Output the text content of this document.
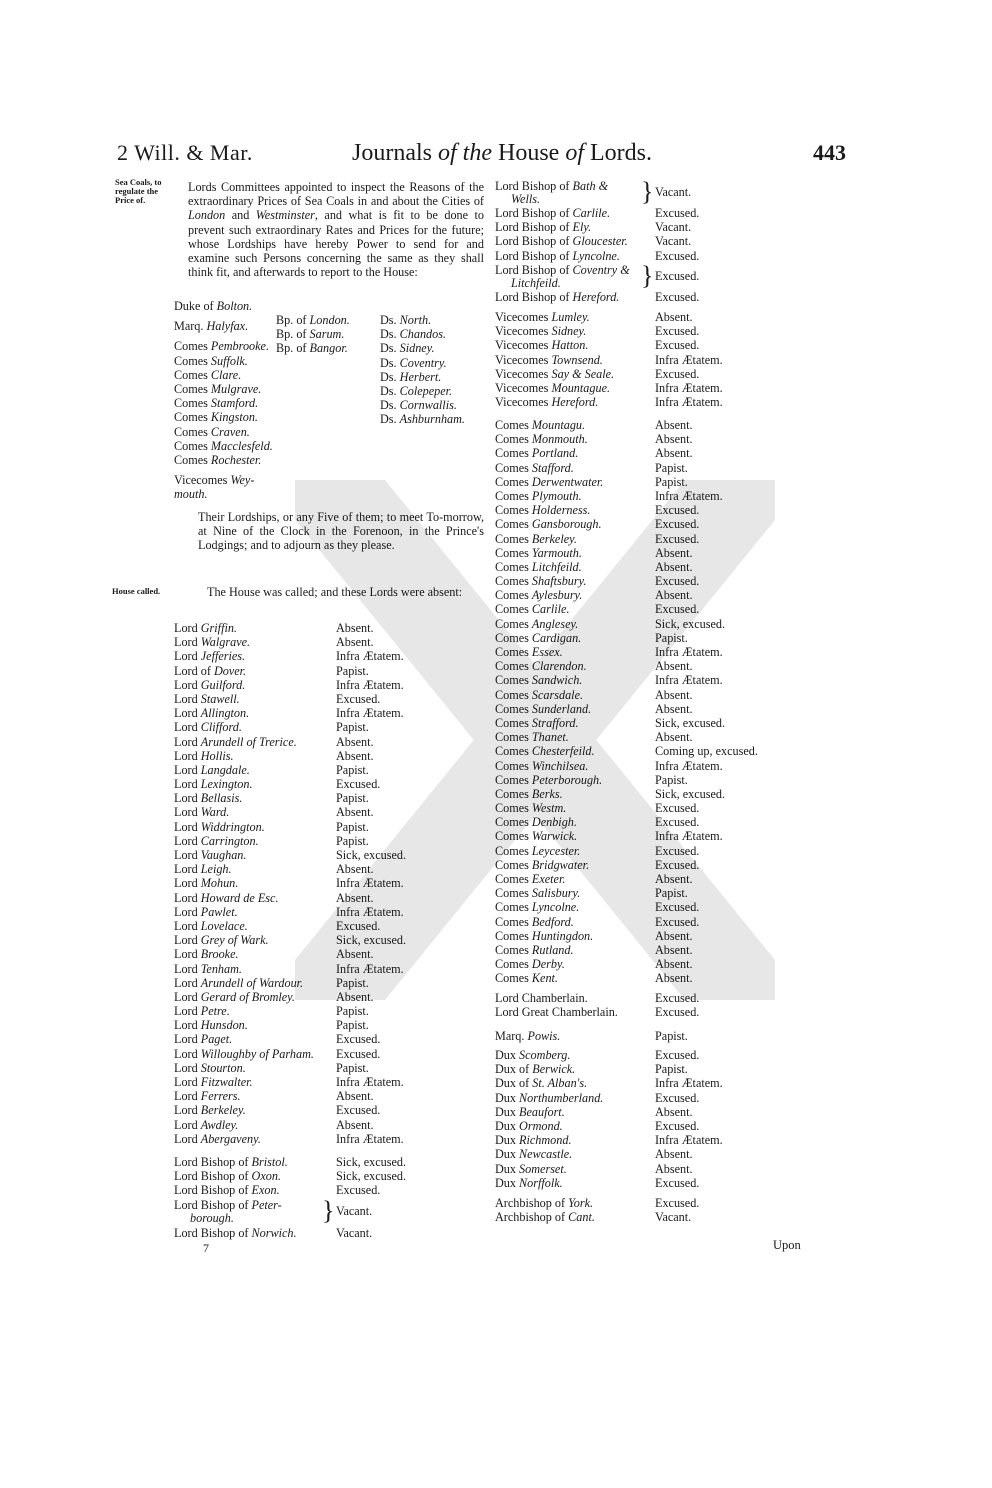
2 Will. & Mar.	Journals of the House of Lords.	443
Sea Coals, to regulate the Price of.
House called.
Lords Committees appointed to inspect the Reasons of the extraordinary Prices of Sea Coals in and about the Cities of London and Westminster, and what is fit to be done to prevent such extraordinary Rates and Prices for the future; whose Lordships have hereby Power to send for and examine such Persons concerning the same as they shall think fit, and afterwards to report to the House:
Duke of Bolton.
Marq. Halyfax.
Comes Pembrooke.
Comes Suffolk.
Comes Clare.
Comes Mulgrave.
Comes Stamford.
Comes Kingston.
Comes Craven.
Comes Macclesfeld.
Comes Rochester.
Vicecomes Wey-
mouth.
Bp. of London.
Bp. of Sarum.
Bp. of Bangor.
Ds. North.
Ds. Chandos.
Ds. Sidney.
Ds. Coventry.
Ds. Herbert.
Ds. Colepeper.
Ds. Cornwallis.
Ds. Ashburnham.
Their Lordships, or any Five of them; to meet To-morrow, at Nine of the Clock in the Forenoon, in the Prince's Lodgings; and to adjourn as they please.
The House was called; and these Lords were absent:
Lord Griffin.	Absent.
Lord Walgrave.	Absent.
Lord Jefferies.	Infra Ætatem.
Lord of Dover.	Papist.
Lord Guilford.	Infra Ætatem.
Lord Stawell.	Excused.
Lord Allington.	Infra Ætatem.
Lord Clifford.	Papist.
Lord Arundell of Trerice.	Absent.
Lord Hollis.	Absent.
Lord Langdale.	Papist.
Lord Lexington.	Excused.
Lord Bellasis.	Papist.
Lord Ward.	Absent.
Lord Widdrington.	Papist.
Lord Carrington.	Papist.
Lord Vaughan.	Sick, excused.
Lord Leigh.	Absent.
Lord Mohun.	Infra Ætatem.
Lord Howard de Esc.	Absent.
Lord Pawlet.	Infra Ætatem.
Lord Lovelace.	Excused.
Lord Grey of Wark.	Sick, excused.
Lord Brooke.	Absent.
Lord Tenham.	Infra Ætatem.
Lord Arundell of Wardour.	Papist.
Lord Gerard of Bromley.	Absent.
Lord Petre.	Papist.
Lord Hunsdon.	Papist.
Lord Paget.	Excused.
Lord Willoughby of Parham. Excused.
Lord Stourton.	Papist.
Lord Fitzwalter.	Infra Ætatem.
Lord Ferrers.	Absent.
Lord Berkeley.	Excused.
Lord Awdley.	Absent.
Lord Abergaveny.	Infra Ætatem.
Lord Bishop of Bristol.	Sick, excused.
Lord Bishop of Oxon.	Sick, excused.
Lord Bishop of Exon.	Excused.
Lord Bishop of Peter-
borough.	} Vacant.
Lord Bishop of Norwich.	Vacant.
7
Lord Bishop of Bath &
Wells.	} Vacant.
Lord Bishop of Carlile.	Excused.
Lord Bishop of Ely.	Vacant.
Lord Bishop of Gloucester. Vacant.
Lord Bishop of Lyncolne.	Excused.
Lord Bishop of Coventry &
Litchfeild.	} Excused.
Lord Bishop of Hereford.	Excused.
Vicecomes Lumley.	Absent.
Vicecomes Sidney.	Excused.
Vicecomes Hatton.	Excused.
Vicecomes Townsend.	Infra Ætatem.
Vicecomes Say & Seale.	Excused.
Vicecomes Mountague.	Infra Ætatem.
Vicecomes Hereford.	Infra Ætatem.
Comes Mountagu.	Absent.
Comes Monmouth.	Absent.
Comes Portland.	Absent.
Comes Stafford.	Papist.
Comes Derwentwater.	Papist.
Comes Plymouth.	Infra Ætatem.
Comes Holderness.	Excused.
Comes Gansborough.	Excused.
Comes Berkeley.	Excused.
Comes Yarmouth.	Absent.
Comes Litchfeild.	Absent.
Comes Shaftsbury.	Excused.
Comes Aylesbury.	Absent.
Comes Carlile.	Excused.
Comes Anglesey.	Sick, excused.
Comes Cardigan.	Papist.
Comes Essex.	Infra Ætatem.
Comes Clarendon.	Absent.
Comes Sandwich.	Infra Ætatem.
Comes Scarsdale.	Absent.
Comes Sunderland.	Absent.
Comes Strafford.	Sick, excused.
Comes Thanet.	Absent.
Comes Chesterfeild.	Coming up, excused.
Comes Winchilsea.	Infra Ætatem.
Comes Peterborough.	Papist.
Comes Berks.	Sick, excused.
Comes Westm.	Excused.
Comes Denbigh.	Excused.
Comes Warwick.	Infra Ætatem.
Comes Leycester.	Excused.
Comes Bridgwater.	Excused.
Comes Exeter.	Absent.
Comes Salisbury.	Papist.
Comes Lyncolne.	Excused.
Comes Bedford.	Excused.
Comes Huntingdon.	Absent.
Comes Rutland.	Absent.
Comes Derby.	Absent.
Comes Kent.	Absent.
Lord Chamberlain.	Excused.
Lord Great Chamberlain.	Excused.
Marq. Powis.	Papist.
Dux Scomberg.	Excused.
Dux of Berwick.	Papist.
Dux of St. Alban's.	Infra Ætatem.
Dux Northumberland.	Excused.
Dux Beaufort.	Absent.
Dux Ormond.	Excused.
Dux Richmond.	Infra Ætatem.
Dux Newcastle.	Absent.
Dux Somerset.	Absent.
Dux Norffolk.	Excused.
Archbishop of York.	Excused.
Archbishop of Cant.	Vacant.
Upon
